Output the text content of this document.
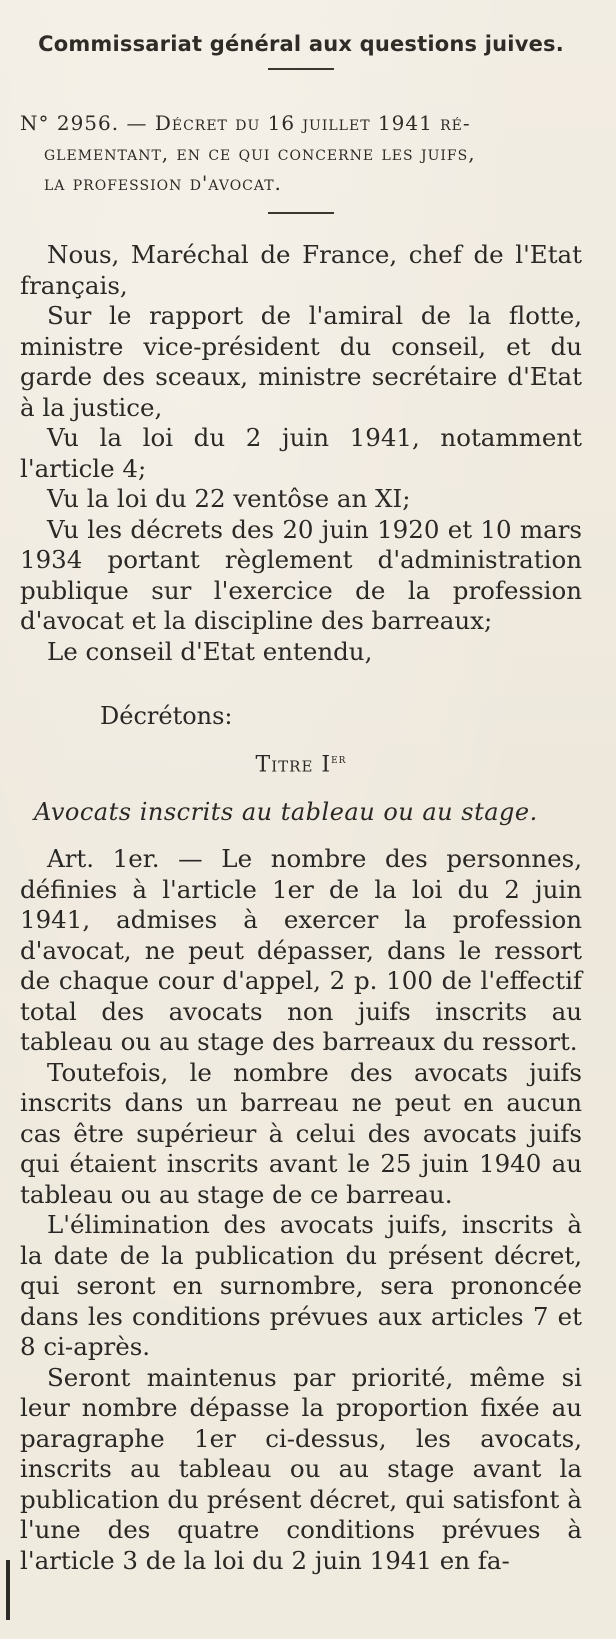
Commissariat général aux questions juives.
N° 2956. — Décret du 16 juillet 1941 ré-
glementant, en ce qui concerne les juifs,
la profession d'avocat.

Nous, Maréchal de France, chef de l'Etat français,

Sur le rapport de l'amiral de la flotte, ministre vice-président du conseil, et du garde des sceaux, ministre secrétaire d'Etat à la justice,

Vu la loi du 2 juin 1941, notamment l'article 4;

Vu la loi du 22 ventôse an XI;

Vu les décrets des 20 juin 1920 et 10 mars 1934 portant règlement d'administration publique sur l'exercice de la profession d'avocat et la discipline des barreaux;

Le conseil d'Etat entendu,

Décrétons:
Titre Ier
Avocats inscrits au tableau ou au stage.

Art. 1er. — Le nombre des personnes, définies à l'article 1er de la loi du 2 juin 1941, admises à exercer la profession d'avocat, ne peut dépasser, dans le ressort de chaque cour d'appel, 2 p. 100 de l'effectif total des avocats non juifs inscrits au tableau ou au stage des barreaux du ressort.

Toutefois, le nombre des avocats juifs inscrits dans un barreau ne peut en aucun cas être supérieur à celui des avocats juifs qui étaient inscrits avant le 25 juin 1940 au tableau ou au stage de ce barreau.

L'élimination des avocats juifs, inscrits à la date de la publication du présent décret, qui seront en surnombre, sera prononcée dans les conditions prévues aux articles 7 et 8 ci-après.

Seront maintenus par priorité, même si leur nombre dépasse la proportion fixée au paragraphe 1er ci-dessus, les avocats, inscrits au tableau ou au stage avant la publication du présent décret, qui satisfont à l'une des quatre conditions prévues à l'article 3 de la loi du 2 juin 1941 en fa-
